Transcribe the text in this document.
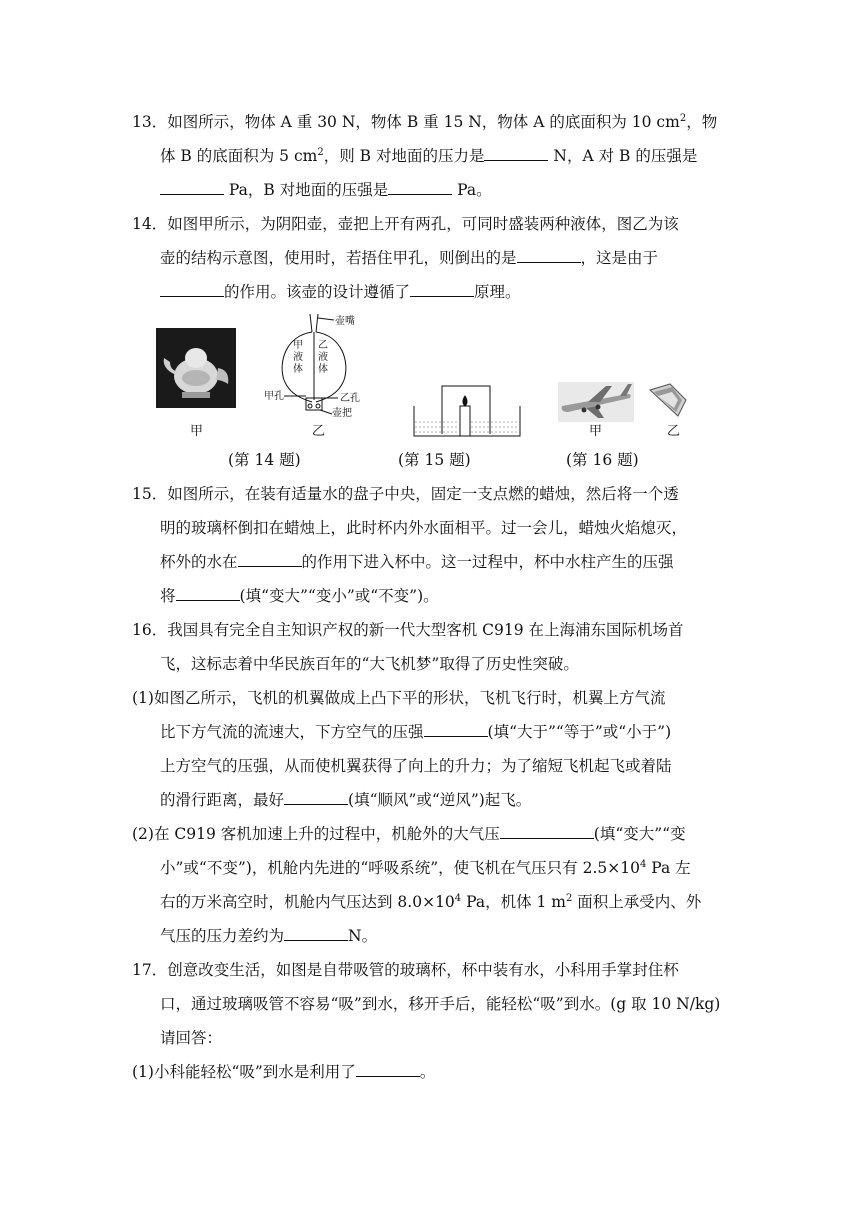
13．如图所示，物体 A 重 30 N，物体 B 重 15 N，物体 A 的底面积为 10 $cm^2$，物
体 B 的底面积为 5 $cm^2$，则 B 对地面的压力是	N，A 对 B 的压强是
Pa，B 对地面的压强是	Pa。
14．如图甲所示，为阴阳壶，壶把上开有两孔，可同时盛装两种液体，图乙为该
壶的结构示意图，使用时，若捂住甲孔，则倒出的是	，这是由于
的作用。该壶的设计遵循了	原理。
甲
壶嘴
甲液体
乙液体
甲孔	乙孔
壶把
乙	甲	乙
(第 14 题)	(第 15 题)	(第 16 题)
15．如图所示，在装有适量水的盘子中央，固定一支点燃的蜡烛，然后将一个透
明的玻璃杯倒扣在蜡烛上，此时杯内外水面相平。过一会儿，蜡烛火焰熄灭，
杯外的水在	的作用下进入杯中。这一过程中，杯中水柱产生的压强
将	(填“变大”“变小”或“不变”)。
16．我国具有完全自主知识产权的新一代大型客机 C919 在上海浦东国际机场首
飞，这标志着中华民族百年的“大飞机梦”取得了历史性突破。
(1)如图乙所示，飞机的机翼做成上凸下平的形状，飞机飞行时，机翼上方气流
比下方气流的流速大，下方空气的压强	(填“大于”“等于”或“小于”)
上方空气的压强，从而使机翼获得了向上的升力；为了缩短飞机起飞或着陆
的滑行距离，最好	(填“顺风”或“逆风”)起飞。
(2)在 C919 客机加速上升的过程中，机舱外的大气压	(填“变大”“变
小”或“不变”)，机舱内先进的“呼吸系统”，使飞机在气压只有 $2.5\times 10^4$ Pa 左
右的万米高空时，机舱内气压达到 $8.0\times 10^4$ Pa，机体 1 $m^2$ 面积上承受内、外
气压的压力差约为	N。
17．创意改变生活，如图是自带吸管的玻璃杯，杯中装有水，小科用手掌封住杯
口，通过玻璃吸管不容易“吸”到水，移开手后，能轻松“吸”到水。(g 取 10 N/kg)
请回答：
(1)小科能轻松“吸”到水是利用了	。
